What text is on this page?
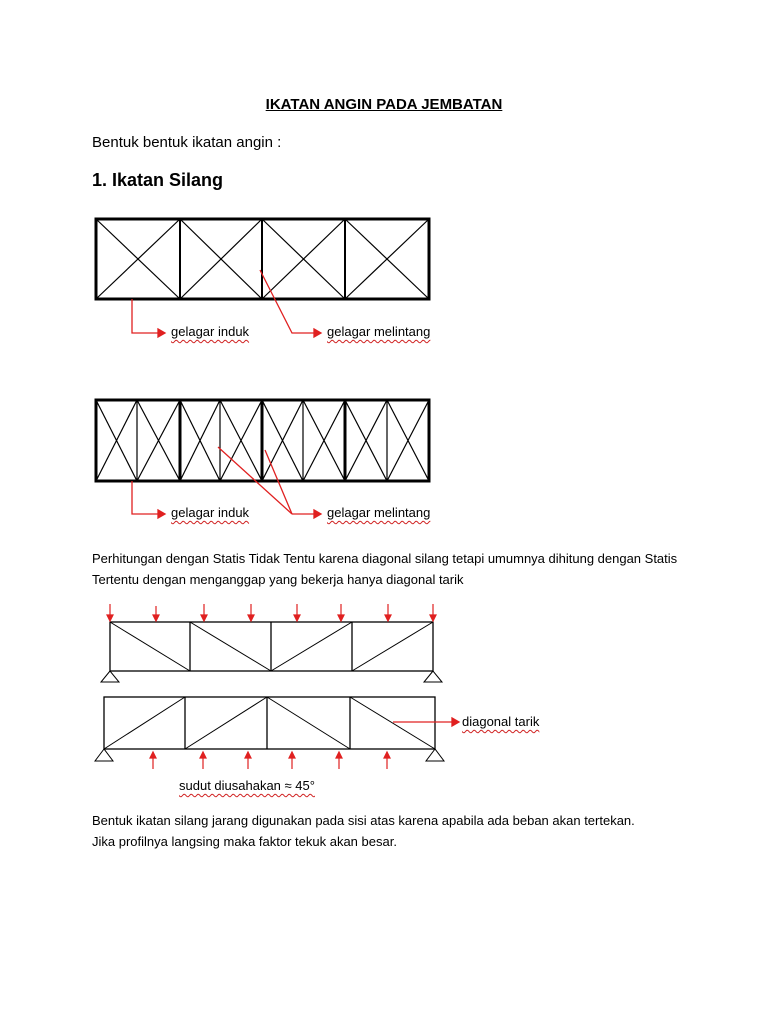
IKATAN ANGIN PADA JEMBATAN
Bentuk bentuk ikatan angin :
1. Ikatan Silang
gelagar induk	gelagar melintang
gelagar induk	gelagar melintang
Perhitungan dengan Statis Tidak Tentu karena diagonal silang tetapi umumnya dihitung dengan Statis Tertentu dengan menganggap yang bekerja hanya diagonal tarik
diagonal tarik
sudut diusahakan ≈ 45°
Bentuk ikatan silang jarang digunakan pada sisi atas karena apabila ada beban akan tertekan.
Jika profilnya langsing maka faktor tekuk akan besar.
